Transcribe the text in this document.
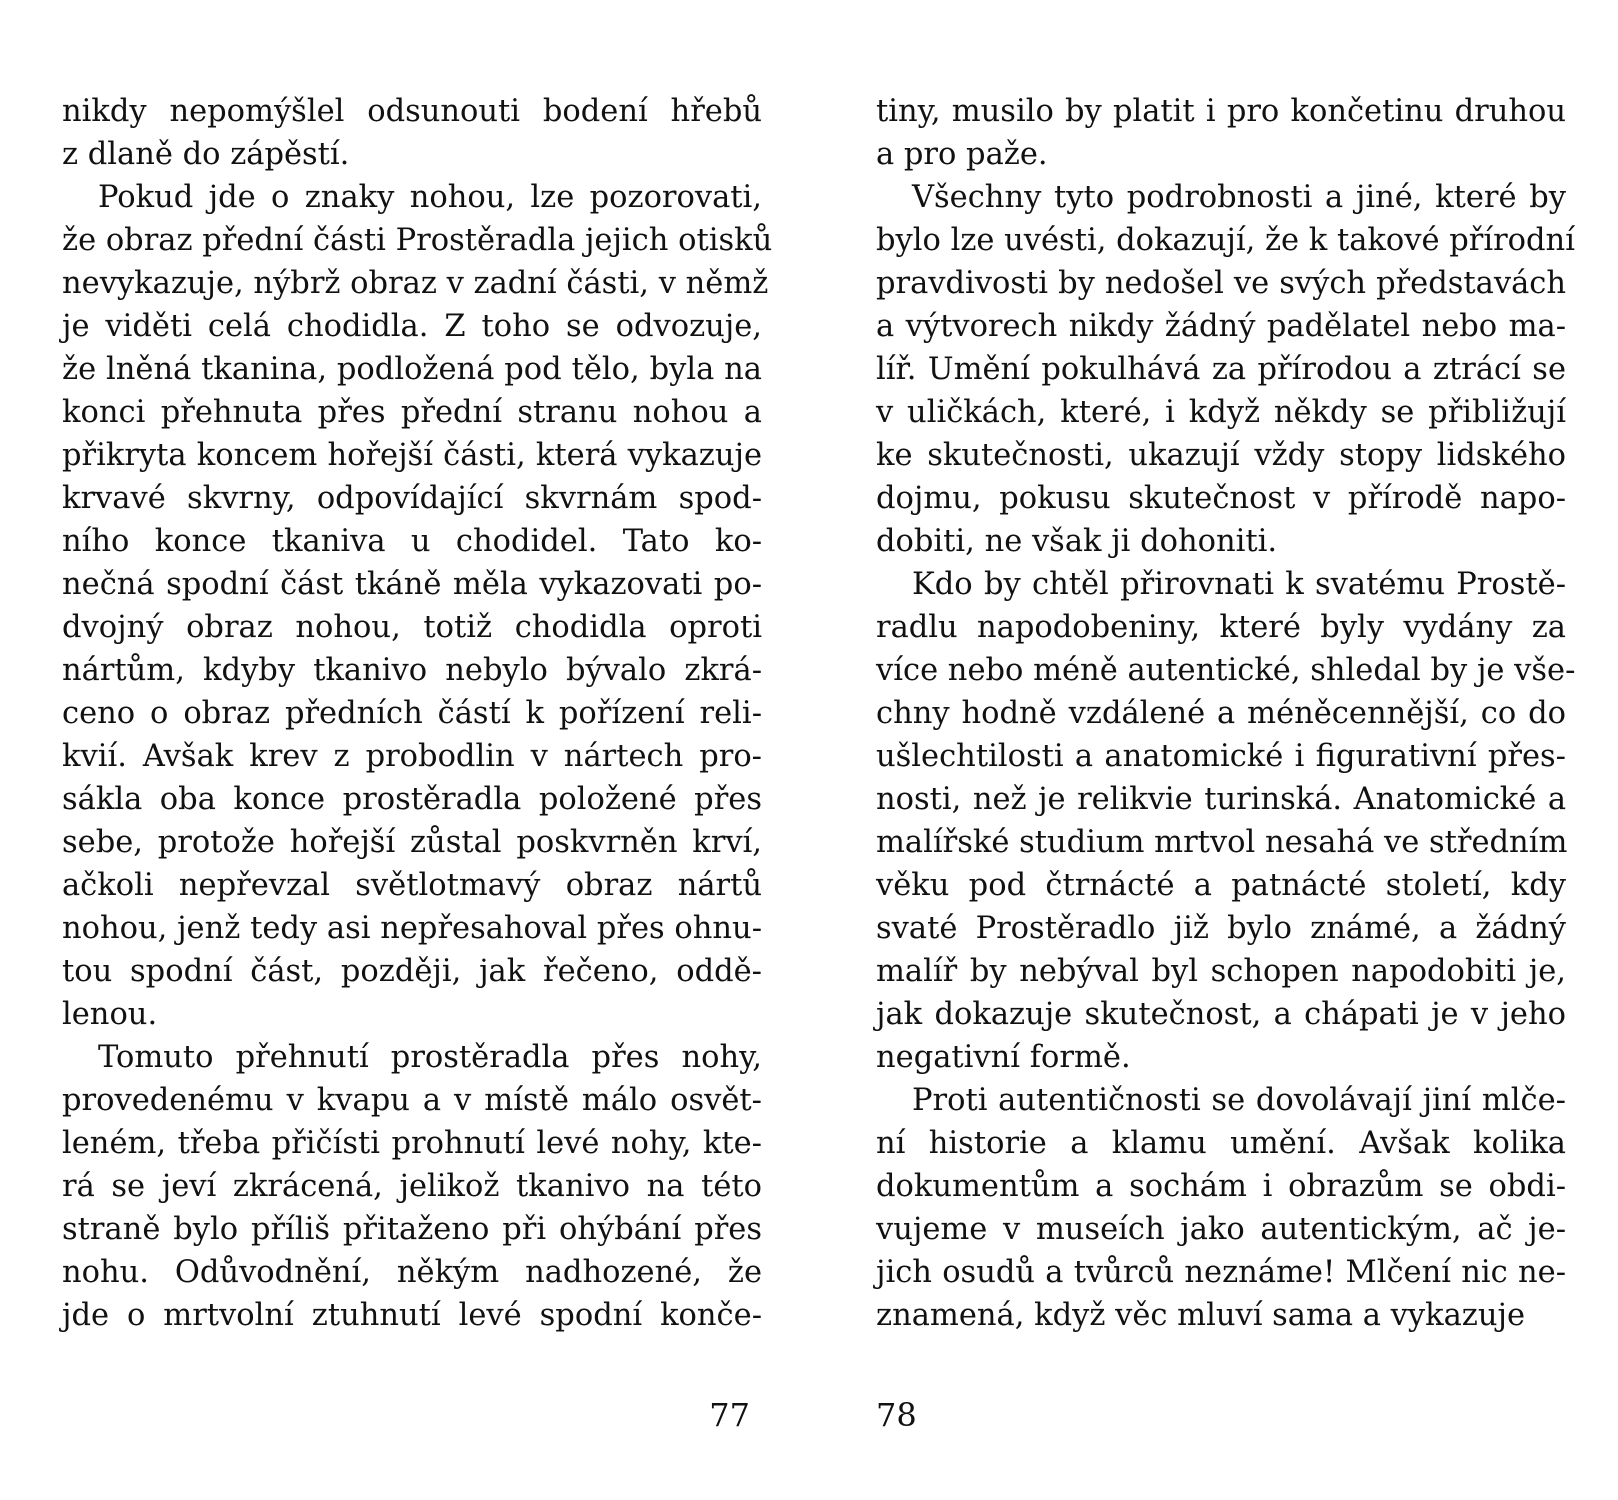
nikdy nepomýšlel odsunouti bodení hřebů
z dlaně do zápěstí.
Pokud jde o znaky nohou, lze pozorovati,
že obraz přední části Prostěradla jejich otisků
nevykazuje, nýbrž obraz v zadní části, v němž
je viděti celá chodidla. Z toho se odvozuje,
že lněná tkanina, podložená pod tělo, byla na
konci přehnuta přes přední stranu nohou a
přikryta koncem hořejší části, která vykazuje
krvavé skvrny, odpovídající skvrnám spod-
ního konce tkaniva u chodidel. Tato ko-
nečná spodní část tkáně měla vykazovati po-
dvojný obraz nohou, totiž chodidla oproti
nártům, kdyby tkanivo nebylo bývalo zkrá-
ceno o obraz předních částí k pořízení reli-
kvií. Avšak krev z probodlin v nártech pro-
sákla oba konce prostěradla položené přes
sebe, protože hořejší zůstal poskvrněn krví,
ačkoli nepřevzal světlotmavý obraz nártů
nohou, jenž tedy asi nepřesahoval přes ohnu-
tou spodní část, později, jak řečeno, oddě-
lenou.
Tomuto přehnutí prostěradla přes nohy,
provedenému v kvapu a v místě málo osvět-
leném, třeba přičísti prohnutí levé nohy, kte-
rá se jeví zkrácená, jelikož tkanivo na této
straně bylo příliš přitaženo při ohýbání přes
nohu. Odůvodnění, někým nadhozené, že
jde o mrtvolní ztuhnutí levé spodní konče-
tiny, musilo by platit i pro končetinu druhou
a pro paže.
Všechny tyto podrobnosti a jiné, které by
bylo lze uvésti, dokazují, že k takové přírodní
pravdivosti by nedošel ve svých představách
a výtvorech nikdy žádný padělatel nebo ma-
líř. Umění pokulhává za přírodou a ztrácí se
v uličkách, které, i když někdy se přibližují
ke skutečnosti, ukazují vždy stopy lidského
dojmu, pokusu skutečnost v přírodě napo-
dobiti, ne však ji dohoniti.
Kdo by chtěl přirovnati k svatému Prostě-
radlu napodobeniny, které byly vydány za
více nebo méně autentické, shledal by je vše-
chny hodně vzdálené a méněcennější, co do
ušlechtilosti a anatomické i figurativní přes-
nosti, než je relikvie turinská. Anatomické a
malířské studium mrtvol nesahá ve středním
věku pod čtrnácté a patnácté století, kdy
svaté Prostěradlo již bylo známé, a žádný
malíř by nebýval byl schopen napodobiti je,
jak dokazuje skutečnost, a chápati je v jeho
negativní formě.
Proti autentičnosti se dovolávají jiní mlče-
ní historie a klamu umění. Avšak kolika
dokumentům a sochám i obrazům se obdi-
vujeme v museích jako autentickým, ač je-
jich osudů a tvůrců neznáme! Mlčení nic ne-
znamená, když věc mluví sama a vykazuje
77	78
